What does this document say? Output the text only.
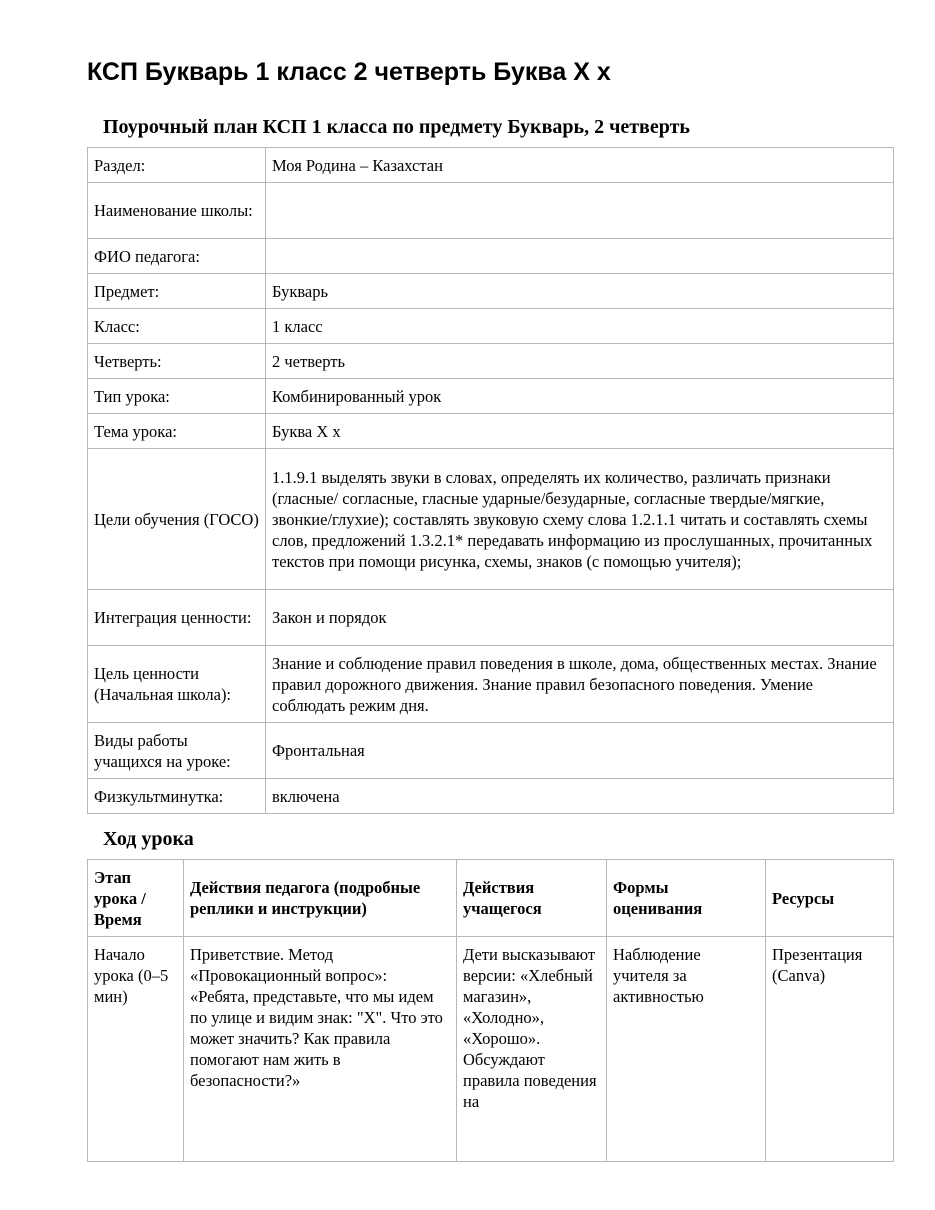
КСП Букварь 1 класс 2 четверть Буква Х х
Поурочный план КСП 1 класса по предмету Букварь, 2 четверть
Раздел:	Моя Родина – Казахстан
Наименование школы:	
ФИО педагога:	
Предмет:	Букварь
Класс:	1 класс
Четверть:	2 четверть
Тип урока:	Комбинированный урок
Тема урока:	Буква Х х
Цели обучения (ГОСО)	1.1.9.1 выделять звуки в словах, определять их количество, различать признаки (гласные/ согласные, гласные ударные/безударные, согласные твердые/мягкие, звонкие/глухие); составлять звуковую схему слова 1.2.1.1 читать и составлять схемы слов, предложений 1.3.2.1* передавать информацию из прослушанных, прочитанных текстов при помощи рисунка, схемы, знаков (с помощью учителя);
Интеграция ценности:	Закон и порядок
Цель ценности (Начальная школа):	Знание и соблюдение правил поведения в школе, дома, общественных местах. Знание правил дорожного движения. Знание правил безопасного поведения. Умение соблюдать режим дня.
Виды работы учащихся на уроке:	Фронтальная
Физкультминутка:	включена
Ход урока
Этап урока / Время	Действия педагога (подробные реплики и инструкции)	Действия учащегося	Формы оценивания	Ресурсы
Начало урока (0–5 мин)	Приветствие. Метод «Провокационный вопрос»: «Ребята, представьте, что мы идем по улице и видим знак: "Х". Что это может значить? Как правила помогают нам жить в безопасности?»	Дети высказывают версии: «Хлебный магазин», «Холодно», «Хорошо». Обсуждают правила поведения на	Наблюдение учителя за активностью	Презентация (Canva)
